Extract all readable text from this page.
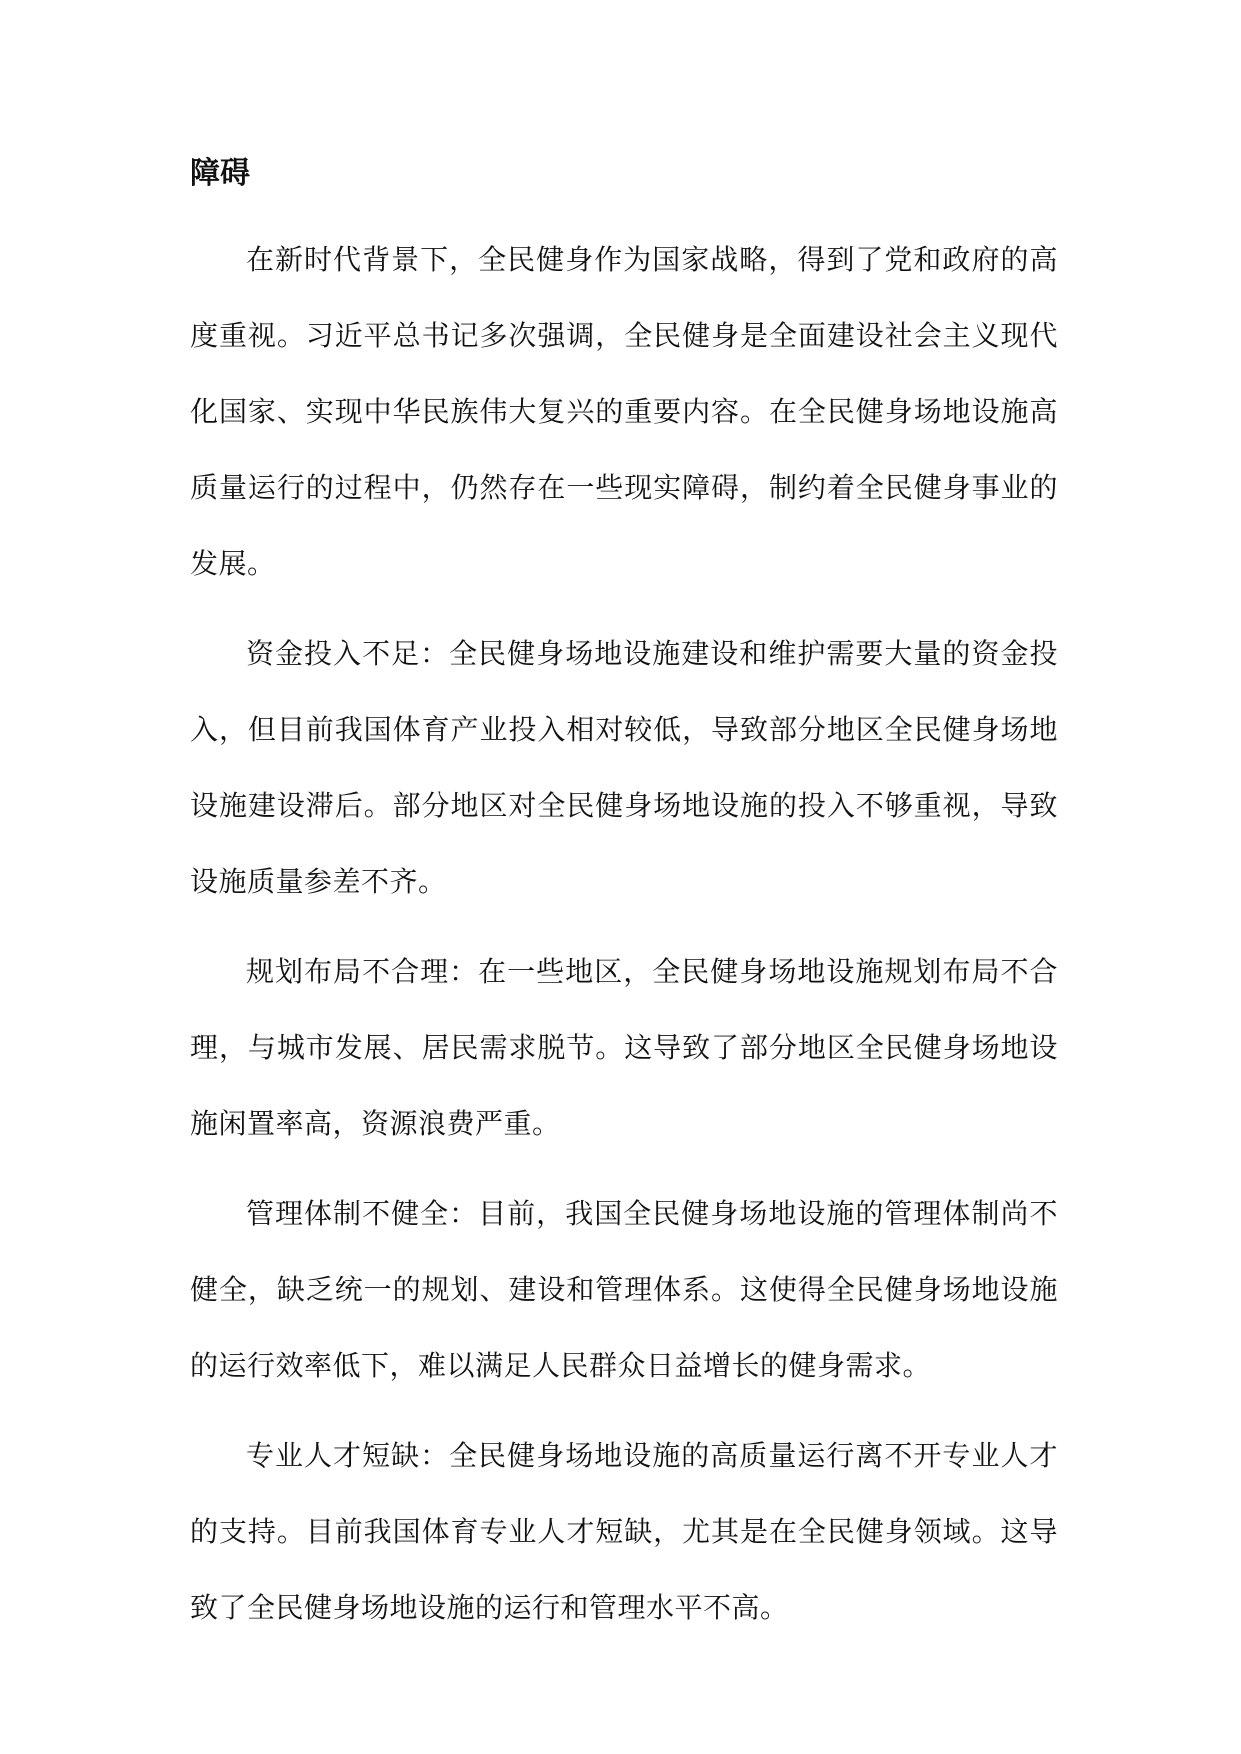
障碍

在新时代背景下，全民健身作为国家战略，得到了党和政府的高度重视。习近平总书记多次强调，全民健身是全面建设社会主义现代化国家、实现中华民族伟大复兴的重要内容。在全民健身场地设施高质量运行的过程中，仍然存在一些现实障碍，制约着全民健身事业的发展。

资金投入不足：全民健身场地设施建设和维护需要大量的资金投入，但目前我国体育产业投入相对较低，导致部分地区全民健身场地设施建设滞后。部分地区对全民健身场地设施的投入不够重视，导致设施质量参差不齐。

规划布局不合理：在一些地区，全民健身场地设施规划布局不合理，与城市发展、居民需求脱节。这导致了部分地区全民健身场地设施闲置率高，资源浪费严重。

管理体制不健全：目前，我国全民健身场地设施的管理体制尚不健全，缺乏统一的规划、建设和管理体系。这使得全民健身场地设施的运行效率低下，难以满足人民群众日益增长的健身需求。

专业人才短缺：全民健身场地设施的高质量运行离不开专业人才的支持。目前我国体育专业人才短缺，尤其是在全民健身领域。这导致了全民健身场地设施的运行和管理水平不高。
